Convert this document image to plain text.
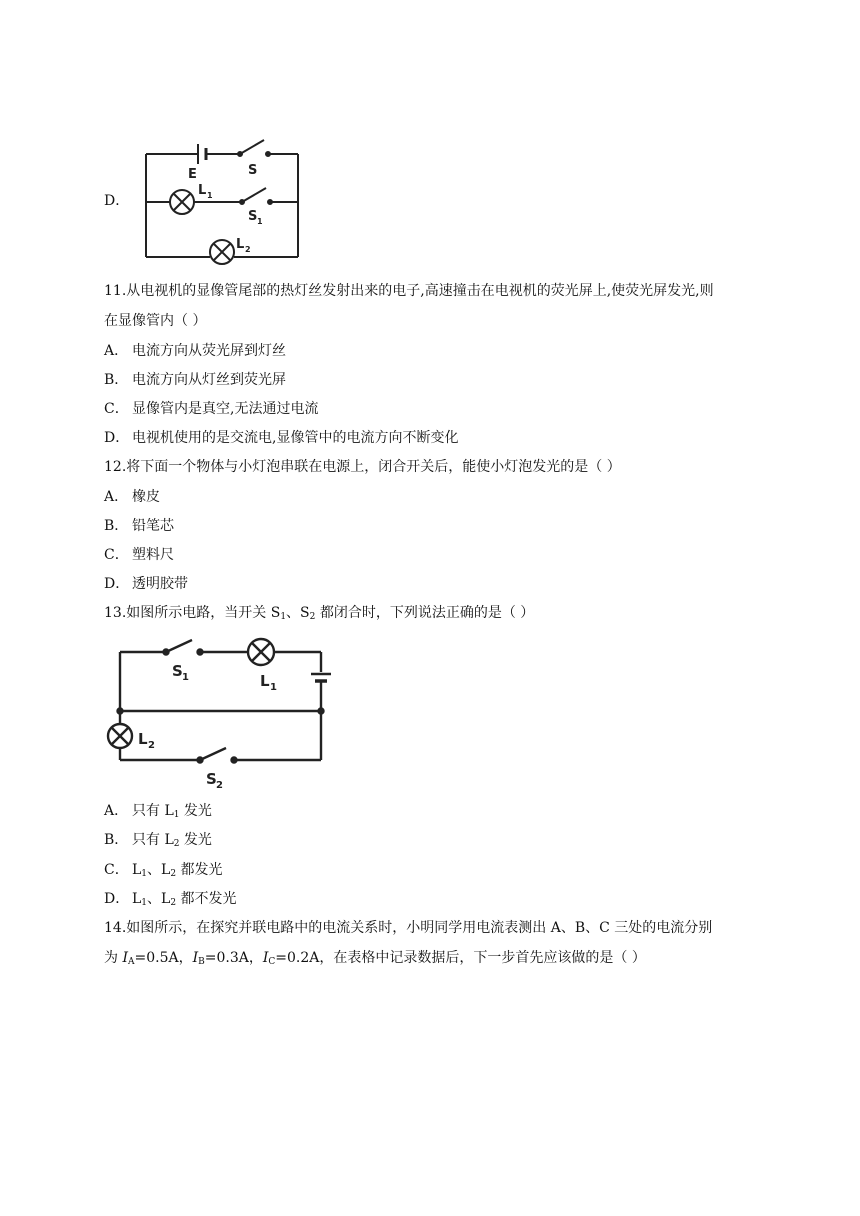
D．
E	S
L 1
S 1
L 2
11.从电视机的显像管尾部的热灯丝发射出来的电子,高速撞击在电视机的荧光屏上,使荧光屏发光,则
在显像管内（ ）
A． 电流方向从荧光屏到灯丝
B． 电流方向从灯丝到荧光屏
C． 显像管内是真空,无法通过电流
D． 电视机使用的是交流电,显像管中的电流方向不断变化
12.将下面一个物体与小灯泡串联在电源上，闭合开关后，能使小灯泡发光的是（ ）
A． 橡皮
B． 铅笔芯
C． 塑料尺
D． 透明胶带
13.如图所示电路，当开关 $S_1$、$S_2$ 都闭合时，下列说法正确的是（ ）
S 1	L 1
L 2
S 2
A． 只有 $L_1$ 发光
B． 只有 $L_2$ 发光
C． $L_1$、$L_2$ 都发光
D． $L_1$、$L_2$ 都不发光
14.如图所示，在探究并联电路中的电流关系时，小明同学用电流表测出 A、B、C 三处的电流分别
为 $I_A=0.5A$，$I_B=0.3A$，$I_C=0.2A$，在表格中记录数据后，下一步首先应该做的是（ ）
